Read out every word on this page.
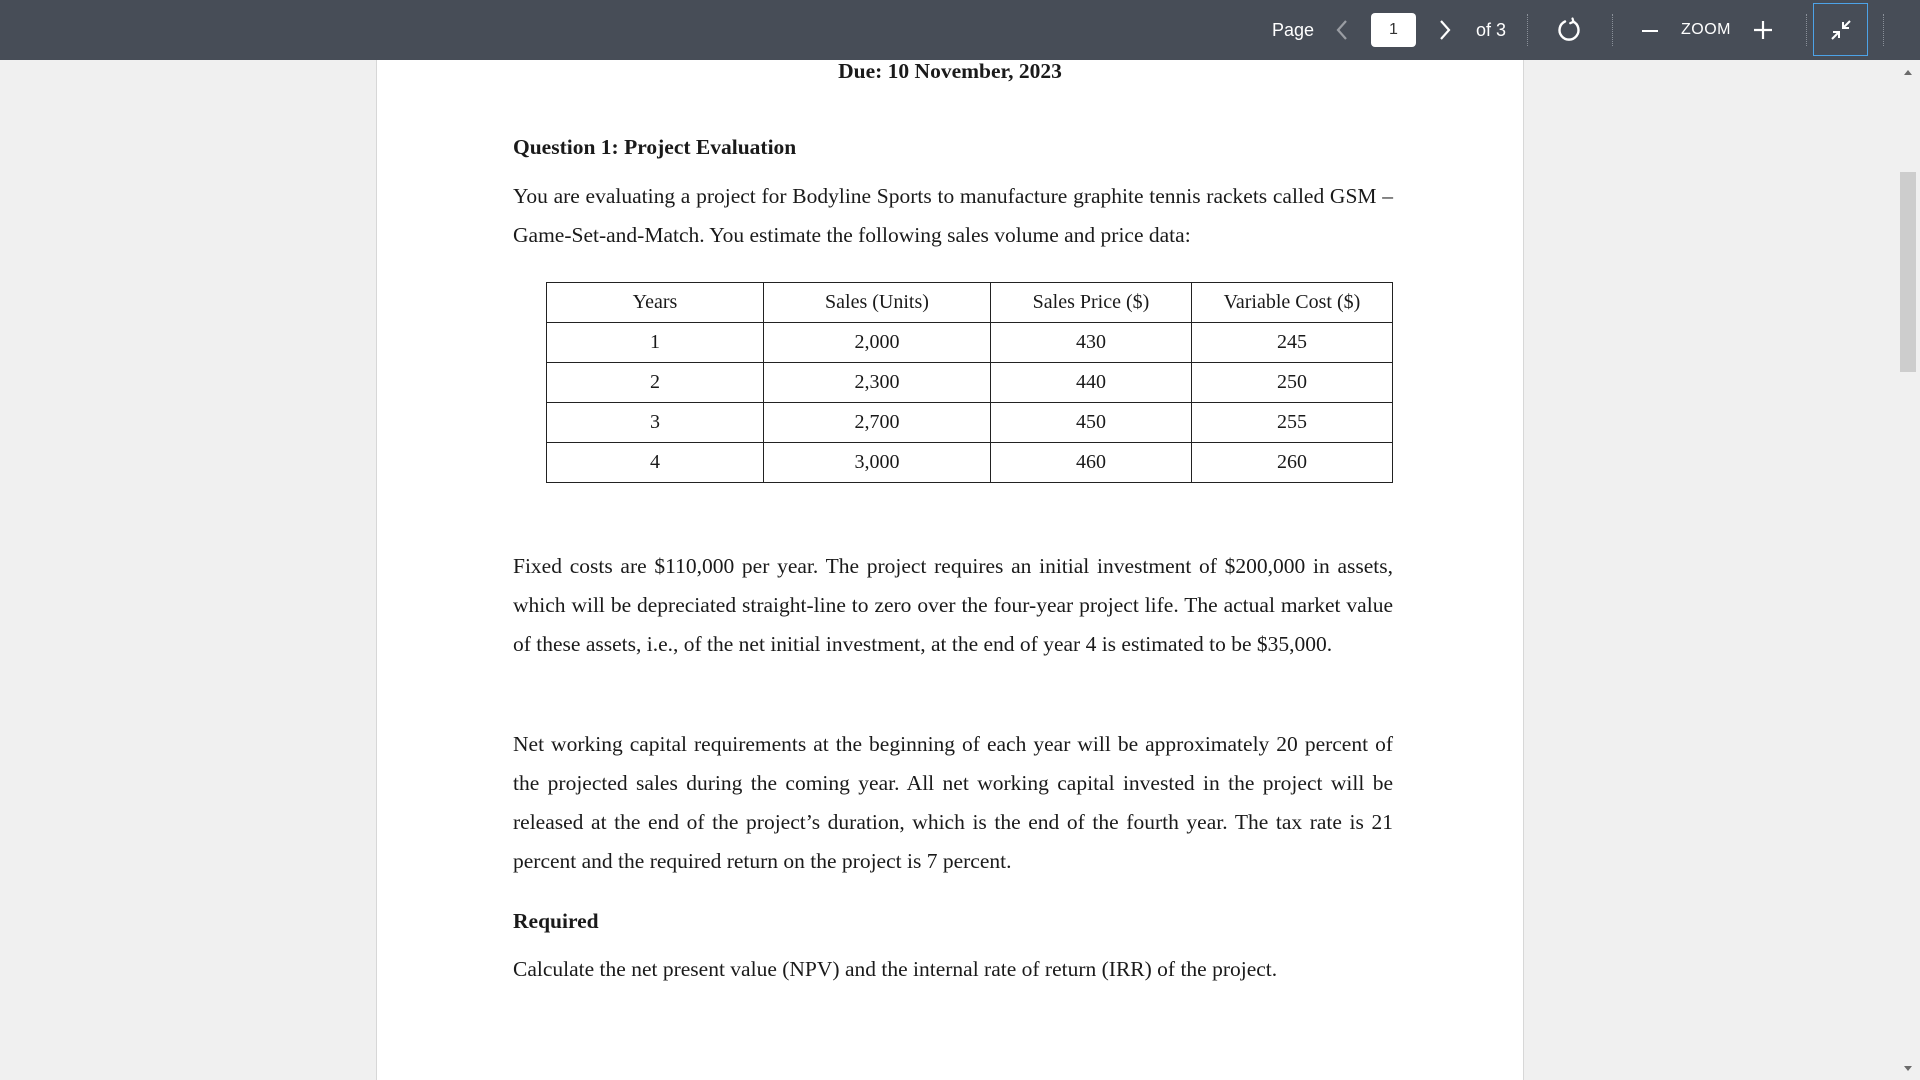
Page
1	of 3	ZOOM
Due: 10 November, 2023
Question 1: Project Evaluation

You are evaluating a project for Bodyline Sports to manufacture graphite tennis rackets called GSM – Game-Set-and-Match. You estimate the following sales volume and price data:

Years	Sales (Units)	Sales Price ($)	Variable Cost ($)
1	2,000	430	245
2	2,300	440	250
3	2,700	450	255
4	3,000	460	260

Fixed costs are $110,000 per year. The project requires an initial investment of $200,000 in assets, which will be depreciated straight-line to zero over the four-year project life. The actual market value of these assets, i.e., of the net initial investment, at the end of year 4 is estimated to be $35,000.

Net working capital requirements at the beginning of each year will be approximately 20 percent of the projected sales during the coming year. All net working capital invested in the project will be released at the end of the project’s duration, which is the end of the fourth year. The tax rate is 21 percent and the required return on the project is 7 percent.

Required

Calculate the net present value (NPV) and the internal rate of return (IRR) of the project.
